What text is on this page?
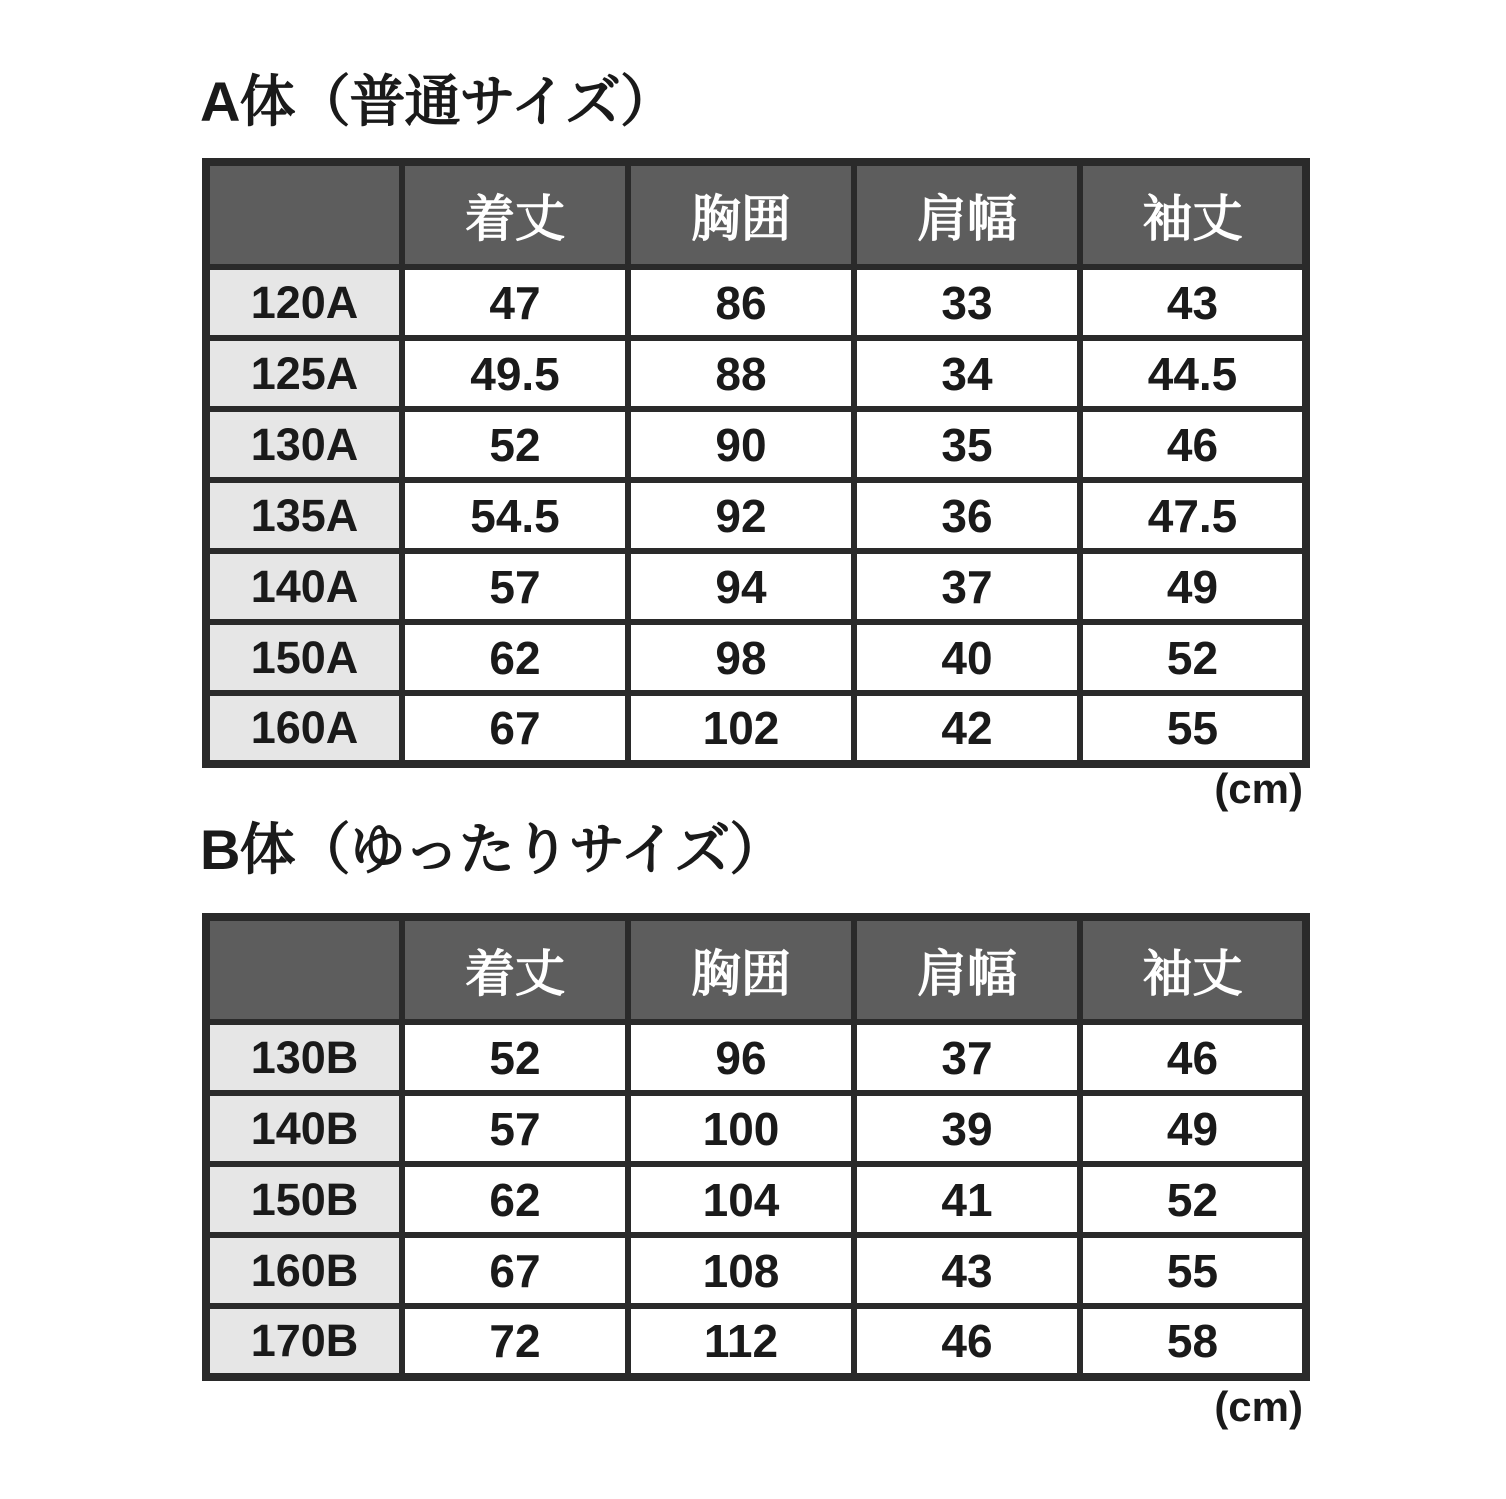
A体（普通サイズ）
	着丈	胸囲	肩幅	袖丈
120A	47	86	33	43
125A	49.5	88	34	44.5
130A	52	90	35	46
135A	54.5	92	36	47.5
140A	57	94	37	49
150A	62	98	40	52
160A	67	102	42	55
(cm)
B体（ゆったりサイズ）
	着丈	胸囲	肩幅	袖丈
130B	52	96	37	46
140B	57	100	39	49
150B	62	104	41	52
160B	67	108	43	55
170B	72	112	46	58
(cm)
